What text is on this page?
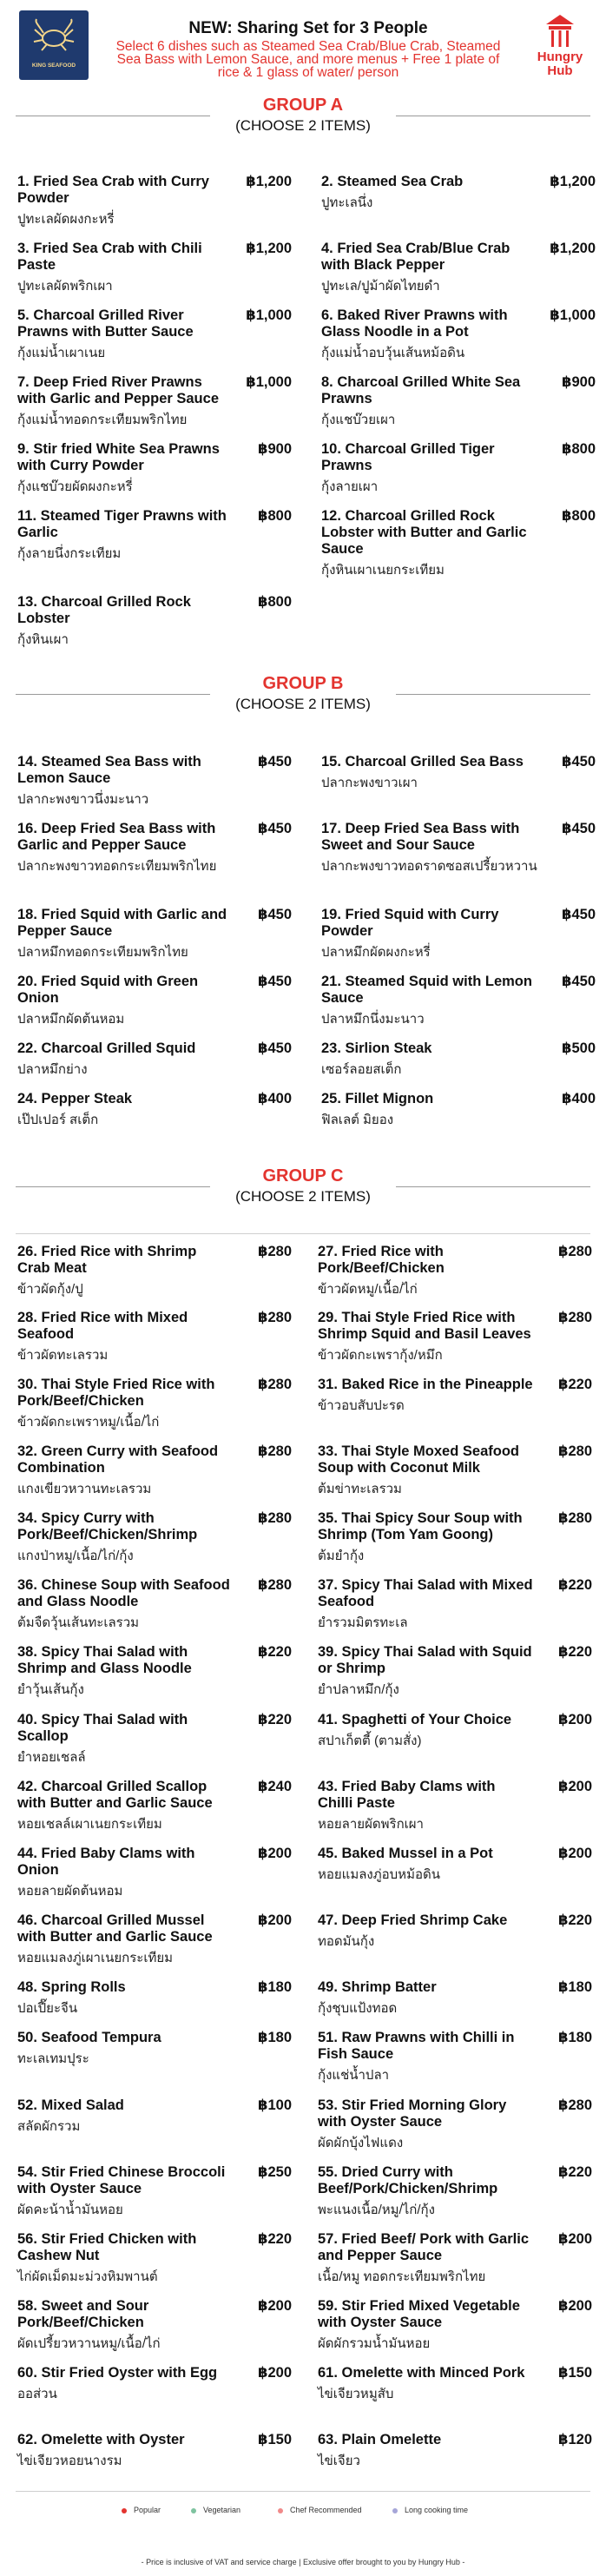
KING SEAFOOD
NEW: Sharing Set for 3 People
Select 6 dishes such as Steamed Sea Crab/Blue Crab, Steamed
Sea Bass with Lemon Sauce, and more menus + Free 1 plate of
rice & 1 glass of water/ person
Hungry Hub
GROUP A
(CHOOSE 2 ITEMS)
GROUP B
(CHOOSE 2 ITEMS)
GROUP C
(CHOOSE 2 ITEMS)
1. Fried Sea Crab with Curry Powder
฿1,200
ปูทะเลผัดผงกะหรี่
2. Steamed Sea Crab	฿1,200
ปูทะเลนึ่ง
3. Fried Sea Crab with Chili Paste
฿1,200
ปูทะเลผัดพริกเผา
4. Fried Sea Crab/Blue Crab with Black Pepper
฿1,200
ปูทะเล/ปูม้าผัดไทยดำ
5. Charcoal Grilled River Prawns with Butter Sauce
฿1,000
กุ้งแม่น้ำเผาเนย
6. Baked River Prawns with Glass Noodle in a Pot
฿1,000
กุ้งแม่น้ำอบวุ้นเส้นหม้อดิน
7. Deep Fried River Prawns with Garlic and Pepper Sauce
฿1,000
กุ้งแม่น้ำทอดกระเทียมพริกไทย
8. Charcoal Grilled White Sea Prawns
฿900
กุ้งแชบ๊วยเผา
9. Stir fried White Sea Prawns with Curry Powder
฿900
กุ้งแชบ๊วยผัดผงกะหรี่
10. Charcoal Grilled Tiger Prawns
฿800
กุ้งลายเผา
11. Steamed Tiger Prawns with Garlic
฿800
กุ้งลายนึ่งกระเทียม
12. Charcoal Grilled Rock Lobster with Butter and Garlic Sauce
฿800
กุ้งหินเผาเนยกระเทียม
13. Charcoal Grilled Rock Lobster
฿800
กุ้งหินเผา
14. Steamed Sea Bass with Lemon Sauce
฿450
ปลากะพงขาวนึ่งมะนาว
15. Charcoal Grilled Sea Bass	฿450
ปลากะพงขาวเผา
16. Deep Fried Sea Bass with Garlic and Pepper Sauce
฿450
ปลากะพงขาวทอดกระเทียมพริกไทย
17. Deep Fried Sea Bass with Sweet and Sour Sauce
฿450
ปลากะพงขาวทอดราดซอสเปรี้ยวหวาน
18. Fried Squid with Garlic and Pepper Sauce
฿450
ปลาหมึกทอดกระเทียมพริกไทย
19. Fried Squid with Curry Powder
฿450
ปลาหมึกผัดผงกะหรี่
20. Fried Squid with Green Onion
฿450
ปลาหมึกผัดต้นหอม
21. Steamed Squid with Lemon Sauce
฿450
ปลาหมึกนึ่งมะนาว
22. Charcoal Grilled Squid	฿450
ปลาหมึกย่าง
23. Sirlion Steak	฿500
เซอร์ลอยสเต็ก
24. Pepper Steak	฿400
เป๊ปเปอร์ สเต็ก
25. Fillet Mignon	฿400
ฟิลเลต์ มิยอง
26. Fried Rice with Shrimp Crab Meat
฿280
ข้าวผัดกุ้ง/ปู
27. Fried Rice with Pork/Beef/Chicken
฿280
ข้าวผัดหมู/เนื้อ/ไก่
28. Fried Rice with Mixed Seafood
฿280
ข้าวผัดทะเลรวม
29. Thai Style Fried Rice with Shrimp Squid and Basil Leaves
฿280
ข้าวผัดกะเพรากุ้ง/หมึก
30. Thai Style Fried Rice with Pork/Beef/Chicken
฿280
ข้าวผัดกะเพราหมู/เนื้อ/ไก่
31. Baked Rice in the Pineapple ฿220
ข้าวอบสับปะรด
32. Green Curry with Seafood Combination
฿280
แกงเขียวหวานทะเลรวม
33. Thai Style Moxed Seafood Soup with Coconut Milk
฿280
ต้มข่าทะเลรวม
34. Spicy Curry with Pork/Beef/Chicken/Shrimp
฿280
แกงป่าหมู/เนื้อ/ไก่/กุ้ง
35. Thai Spicy Sour Soup with Shrimp (Tom Yam Goong)
฿280
ต้มยำกุ้ง
36. Chinese Soup with Seafood and Glass Noodle
฿280
ต้มจืดวุ้นเส้นทะเลรวม
37. Spicy Thai Salad with Mixed Seafood
฿220
ยำรวมมิตรทะเล
38. Spicy Thai Salad with Shrimp and Glass Noodle
฿220
ยำวุ้นเส้นกุ้ง
39. Spicy Thai Salad with Squid or Shrimp
฿220
ยำปลาหมึก/กุ้ง
40. Spicy Thai Salad with Scallop
฿220
ยำหอยเชลล์
41. Spaghetti of Your Choice	฿200
สปาเก็ตตี้ (ตามสั่ง)
42. Charcoal Grilled Scallop with Butter and Garlic Sauce
฿240
หอยเชลล์เผาเนยกระเทียม
43. Fried Baby Clams with Chilli Paste
฿200
หอยลายผัดพริกเผา
44. Fried Baby Clams with Onion
฿200
หอยลายผัดต้นหอม
45. Baked Mussel in a Pot	฿200
หอยแมลงภู่อบหม้อดิน
46. Charcoal Grilled Mussel with Butter and Garlic Sauce
฿200
หอยแมลงภู่เผาเนยกระเทียม
47. Deep Fried Shrimp Cake	฿220
ทอดมันกุ้ง
48. Spring Rolls	฿180
ปอเปี๊ยะจีน
49. Shrimp Batter	฿180
กุ้งชุบแป้งทอด
50. Seafood Tempura	฿180
ทะเลเทมปุระ
51. Raw Prawns with Chilli in Fish Sauce
฿180
กุ้งแช่น้ำปลา
52. Mixed Salad	฿100
สลัดผักรวม
53. Stir Fried Morning Glory with Oyster Sauce
฿280
ผัดผักบุ้งไฟแดง
54. Stir Fried Chinese Broccoli with Oyster Sauce
฿250
ผัดคะน้าน้ำมันหอย
55. Dried Curry with Beef/Pork/Chicken/Shrimp
฿220
พะแนงเนื้อ/หมู/ไก่/กุ้ง
56. Stir Fried Chicken with Cashew Nut
฿220
ไก่ผัดเม็ดมะม่วงหิมพานต์
57. Fried Beef/ Pork with Garlic and Pepper Sauce
฿200
เนื้อ/หมู ทอดกระเทียมพริกไทย
58. Sweet and Sour Pork/Beef/Chicken
฿200
ผัดเปรี้ยวหวานหมู/เนื้อ/ไก่
59. Stir Fried Mixed Vegetable with Oyster Sauce
฿200
ผัดผักรวมน้ำมันหอย
60. Stir Fried Oyster with Egg	฿200
ออส่วน
61. Omelette with Minced Pork	฿150
ไข่เจียวหมูสับ
62. Omelette with Oyster	฿150
ไข่เจียวหอยนางรม
63. Plain Omelette	฿120
ไข่เจียว
Popular	Vegetarian	Chef Recommended	Long cooking time
- Price is inclusive of VAT and service charge | Exclusive offer brought to you by Hungry Hub -
